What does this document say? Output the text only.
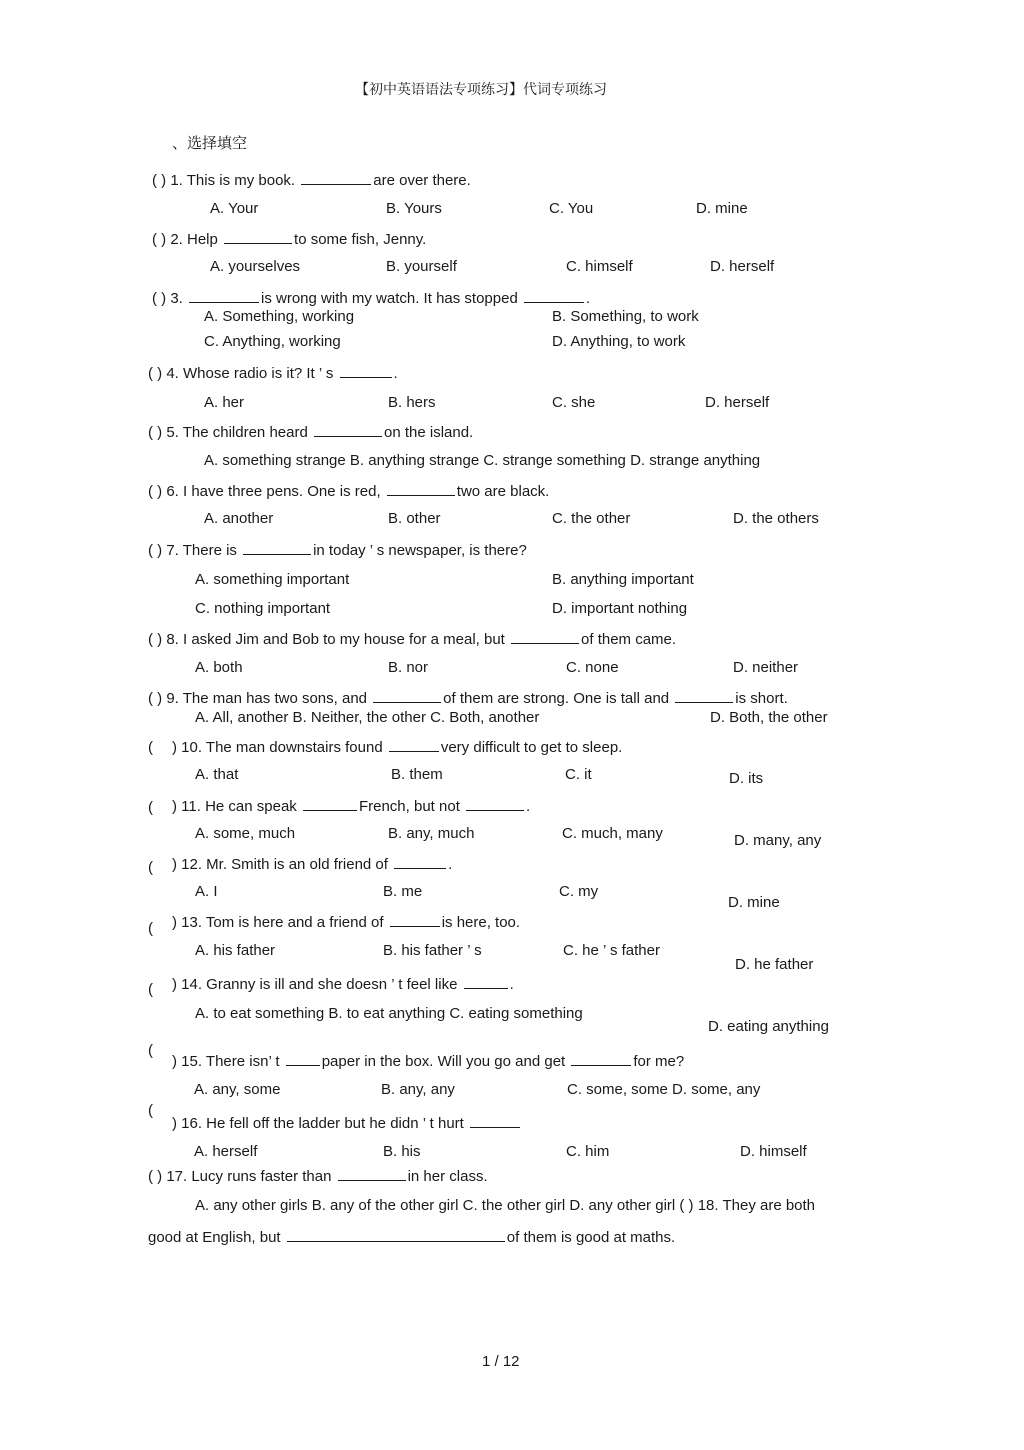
【初中英语语法专项练习】代词专项练习
、选择填空
( ) 1. This is my book.	are over there.
A. Your	B. Yours	C. You	D. mine
( ) 2. Help	to some fish, Jenny.
A. yourselves	B. yourself	C. himself	D. herself
( ) 3.	is wrong with my watch. It has stopped	.
A. Something, working	B. Something, to work
C. Anything, working	D. Anything, to work
( ) 4. Whose radio is it? It ’ s	.
A. her	B. hers	C. she	D. herself
( ) 5. The children heard	on the island.
A. something strange B. anything strange C. strange something D. strange anything
( ) 6. I have three pens. One is red,	two are black.
A. another	B. other	C. the other	D. the others
( ) 7. There is	in today ’ s newspaper, is there?
A. something important	B. anything important
C. nothing important	D. important nothing
( ) 8. I asked Jim and Bob to my house for a meal, but	of them came.
A. both	B. nor	C. none	D. neither
( ) 9. The man has two sons, and	of them are strong. One is tall and	is short.
A. All, another B. Neither, the other C. Both, another	D. Both, the other
( ) 10. The man downstairs found	very difficult to get to sleep.
A. that	B. them	C. it	D. its
( ) 11. He can speak	French, but not	.
A. some, much	B. any, much	C. much, many	D. many, any
( ) 12. Mr. Smith is an old friend of	.
A. I	B. me	C. my
D. mine
( ) 13. Tom is here and a friend of	is here, too.
A. his father	B. his father ’ s	C. he ’ s father
D. he father
( ) 14. Granny is ill and she doesn ’ t feel like	.
A. to eat something B. to eat anything C. eating something
D. eating anything
(
) 15. There isn’ t	paper in the box. Will you go and get	for me?
A. any, some	B. any, any	C. some, some D. some, any
(
) 16. He fell off the ladder but he didn ’ t hurt
A. herself	B. his	C. him	D. himself
( ) 17. Lucy runs faster than	in her class.
A. any other girls B. any of the other girl C. the other girl D. any other girl ( ) 18. They are both
good at English, but	of them is good at maths.
1 / 12
